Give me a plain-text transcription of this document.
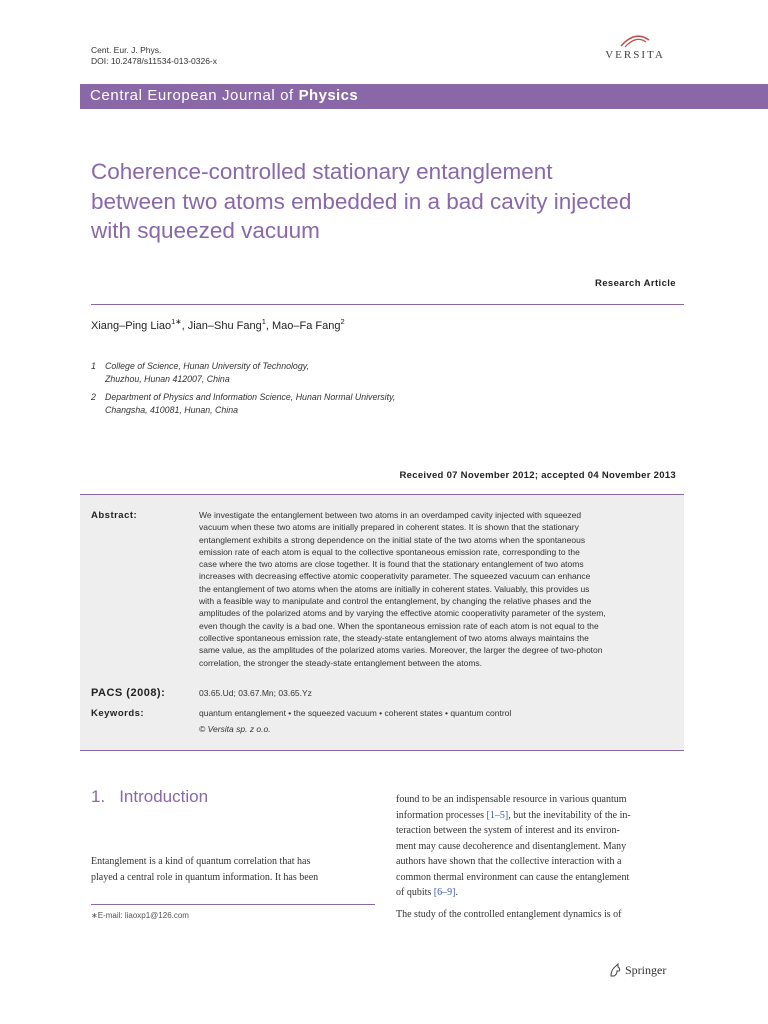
Cent. Eur. J. Phys.
DOI: 10.2478/s11534-013-0326-x	VERSITA
Central European Journal of Physics
Coherence-controlled stationary entanglement
between two atoms embedded in a bad cavity injected
with squeezed vacuum
Research Article
Xiang–Ping Liao$^{1∗}$, Jian–Shu Fang$^1$, Mao–Fa Fang$^2$
1	College of Science, Hunan University of Technology,
Zhuzhou, Hunan 412007, China
2	Department of Physics and Information Science, Hunan Normal University,
Changsha, 410081, Hunan, China
Received 07 November 2012; accepted 04 November 2013
Abstract:	We investigate the entanglement between two atoms in an overdamped cavity injected with squeezed
vacuum when these two atoms are initially prepared in coherent states. It is shown that the stationary
entanglement exhibits a strong dependence on the initial state of the two atoms when the spontaneous
emission rate of each atom is equal to the collective spontaneous emission rate, corresponding to the
case where the two atoms are close together. It is found that the stationary entanglement of two atoms
increases with decreasing effective atomic cooperativity parameter. The squeezed vacuum can enhance
the entanglement of two atoms when the atoms are initially in coherent states. Valuably, this provides us
with a feasible way to manipulate and control the entanglement, by changing the relative phases and the
amplitudes of the polarized atoms and by varying the effective atomic cooperativity parameter of the system,
even though the cavity is a bad one. When the spontaneous emission rate of each atom is not equal to the
collective spontaneous emission rate, the steady-state entanglement of two atoms always maintains the
same value, as the amplitudes of the polarized atoms varies. Moreover, the larger the degree of two-photon
correlation, the stronger the steady-state entanglement between the atoms.
PACS (2008):	03.65.Ud; 03.67.Mn; 03.65.Yz
Keywords:	quantum entanglement • the squeezed vacuum • coherent states • quantum control
© Versita sp. z o.o.
1. Introduction
Entanglement is a kind of quantum correlation that has
played a central role in quantum information. It has been
∗E-mail: liaoxp1@126.com
found to be an indispensable resource in various quantum
information processes [1–5], but the inevitability of the in-
teraction between the system of interest and its environ-
ment may cause decoherence and disentanglement. Many
authors have shown that the collective interaction with a
common thermal environment can cause the entanglement
of qubits [6–9].
The study of the controlled entanglement dynamics is of
Springer
